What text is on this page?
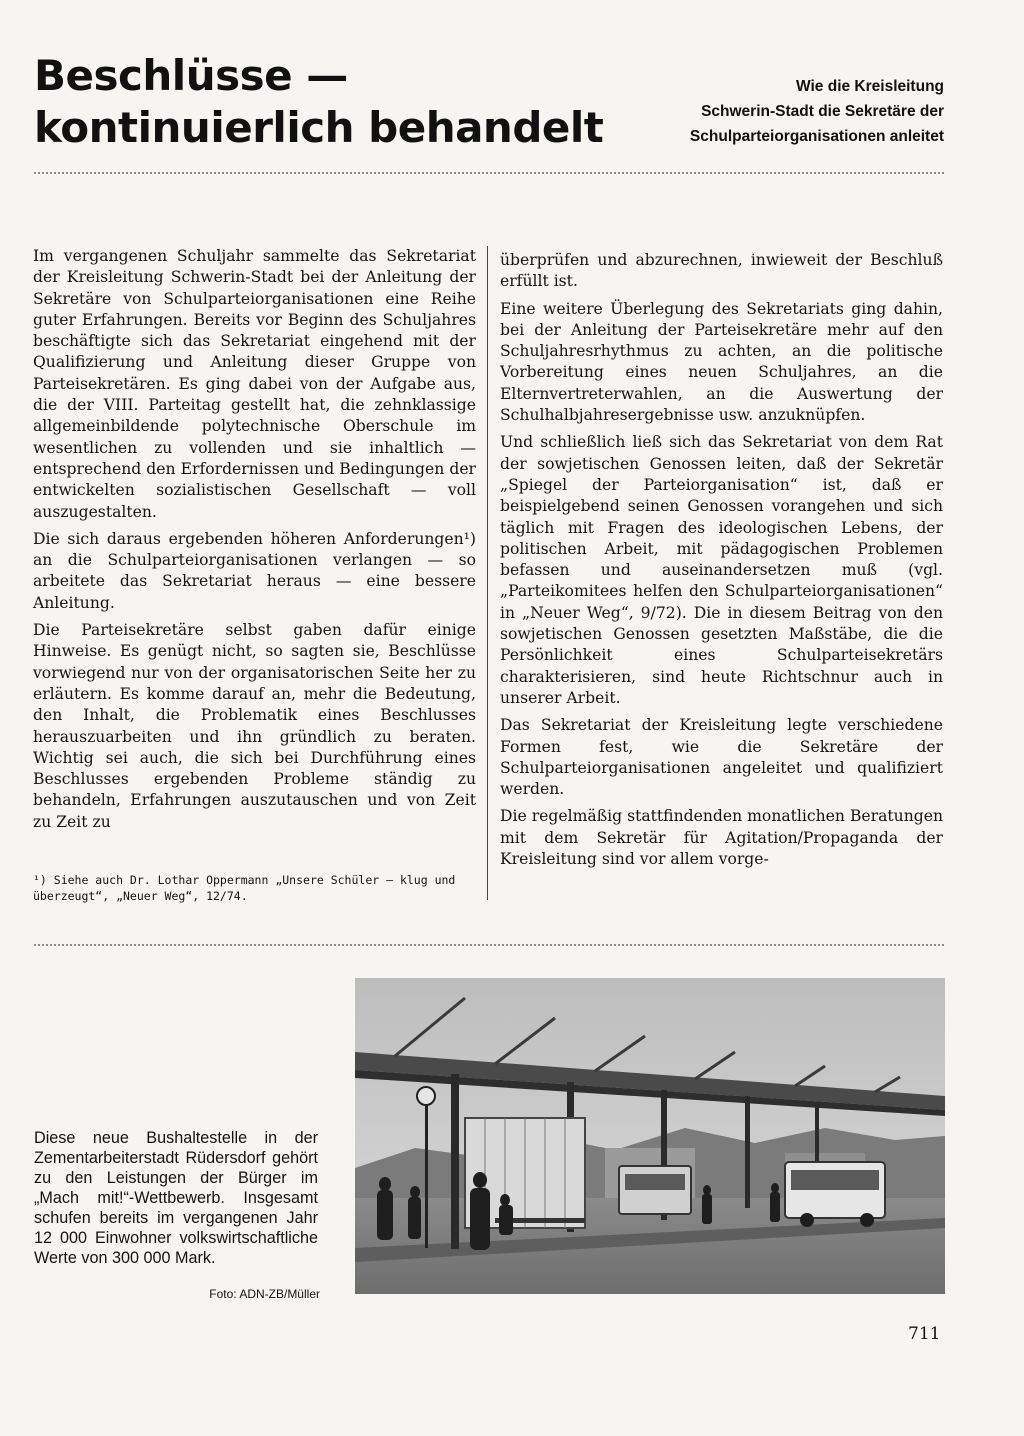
Beschlüsse —
kontinuierlich behandelt
Wie die Kreisleitung
Schwerin-Stadt die Sekretäre der
Schulparteiorganisationen anleitet

Im vergangenen Schuljahr sammelte das Sekretariat der Kreisleitung Schwerin-Stadt bei der Anleitung der Sekretäre von Schulparteiorganisationen eine Reihe guter Erfahrungen. Bereits vor Beginn des Schuljahres beschäftigte sich das Sekretariat eingehend mit der Qualifizierung und Anleitung dieser Gruppe von Parteisekretären. Es ging dabei von der Aufgabe aus, die der VIII. Parteitag gestellt hat, die zehnklassige allgemeinbildende polytechnische Oberschule im wesentlichen zu vollenden und sie inhaltlich — entsprechend den Erfordernissen und Bedingungen der entwickelten sozialistischen Gesellschaft — voll auszugestalten.

Die sich daraus ergebenden höheren Anforderungen¹) an die Schulparteiorganisationen verlangen — so arbeitete das Sekretariat heraus — eine bessere Anleitung.

Die Parteisekretäre selbst gaben dafür einige Hinweise. Es genügt nicht, so sagten sie, Beschlüsse vorwiegend nur von der organisatorischen Seite her zu erläutern. Es komme darauf an, mehr die Bedeutung, den Inhalt, die Problematik eines Beschlusses herauszuarbeiten und ihn gründlich zu beraten. Wichtig sei auch, die sich bei Durchführung eines Beschlusses ergebenden Probleme ständig zu behandeln, Erfahrungen auszutauschen und von Zeit zu Zeit zu

überprüfen und abzurechnen, inwieweit der Beschluß erfüllt ist.

Eine weitere Überlegung des Sekretariats ging dahin, bei der Anleitung der Parteisekretäre mehr auf den Schuljahresrhythmus zu achten, an die politische Vorbereitung eines neuen Schuljahres, an die Elternvertreterwahlen, an die Auswertung der Schulhalbjahresergebnisse usw. anzuknüpfen.

Und schließlich ließ sich das Sekretariat von dem Rat der sowjetischen Genossen leiten, daß der Sekretär „Spiegel der Parteiorganisation“ ist, daß er beispielgebend seinen Genossen vorangehen und sich täglich mit Fragen des ideologischen Lebens, der politischen Arbeit, mit pädagogischen Problemen befassen und auseinandersetzen muß (vgl. „Parteikomitees helfen den Schulparteiorganisationen“ in „Neuer Weg“, 9/72). Die in diesem Beitrag von den sowjetischen Genossen gesetzten Maßstäbe, die die Persönlichkeit eines Schulparteisekretärs charakterisieren, sind heute Richtschnur auch in unserer Arbeit.

Das Sekretariat der Kreisleitung legte verschiedene Formen fest, wie die Sekretäre der Schulparteiorganisationen angeleitet und qualifiziert werden.

Die regelmäßig stattfindenden monatlichen Beratungen mit dem Sekretär für Agitation/Propaganda der Kreisleitung sind vor allem vorge-

¹) Siehe auch Dr. Lothar Oppermann „Unsere Schüler — klug und überzeugt“, „Neuer Weg“, 12/74.

Diese neue Bushaltestelle in der Zementarbeiterstadt Rüdersdorf gehört zu den Leistungen der Bürger im „Mach mit!“-Wettbewerb. Insgesamt schufen bereits im vergangenen Jahr 12 000 Einwohner volkswirtschaftliche Werte von 300 000 Mark.

Foto: ADN-ZB/Müller
711
